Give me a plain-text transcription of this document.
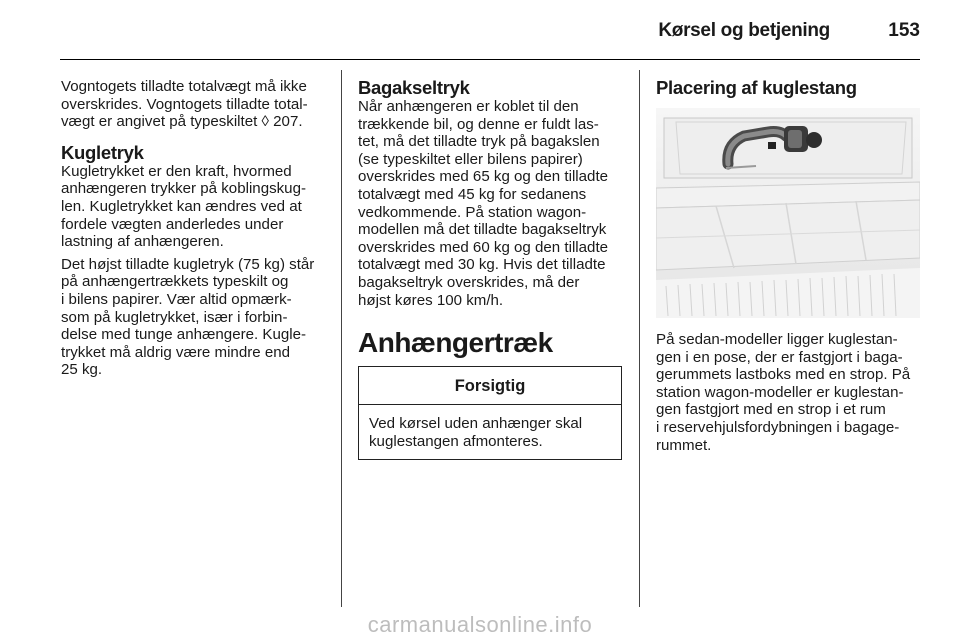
Kørsel og betjening	153
Vogntogets tilladte totalvægt må ikke
overskrides. Vogntogets tilladte total-
vægt er angivet på typeskiltet ◊ 207.
Kugletryk
Kugletrykket er den kraft, hvormed
anhængeren trykker på koblingskug-
len. Kugletrykket kan ændres ved at
fordele vægten anderledes under
lastning af anhængeren.
Det højst tilladte kugletryk (75 kg) står
på anhængertrækkets typeskilt og
i bilens papirer. Vær altid opmærk-
som på kugletrykket, især i forbin-
delse med tunge anhængere. Kugle-
trykket må aldrig være mindre end
25 kg.
Bagakseltryk
Når anhængeren er koblet til den
trækkende bil, og denne er fuldt las-
tet, må det tilladte tryk på bagakslen
(se typeskiltet eller bilens papirer)
overskrides med 65 kg og den tilladte
totalvægt med 45 kg for sedanens
vedkommende. På station wagon-
modellen må det tilladte bagakseltryk
overskrides med 60 kg og den tilladte
totalvægt med 30 kg. Hvis det tilladte
bagakseltryk overskrides, må der
højst køres 100 km/h.
Anhængertræk
Forsigtig
Ved kørsel uden anhænger skal
kuglestangen afmonteres.
Placering af kuglestang
På sedan-modeller ligger kuglestan-
gen i en pose, der er fastgjort i baga-
gerummets lastboks med en strop. På
station wagon-modeller er kuglestan-
gen fastgjort med en strop i et rum
i reservehjulsfordybningen i bagage-
rummet.
carmanualsonline.info
